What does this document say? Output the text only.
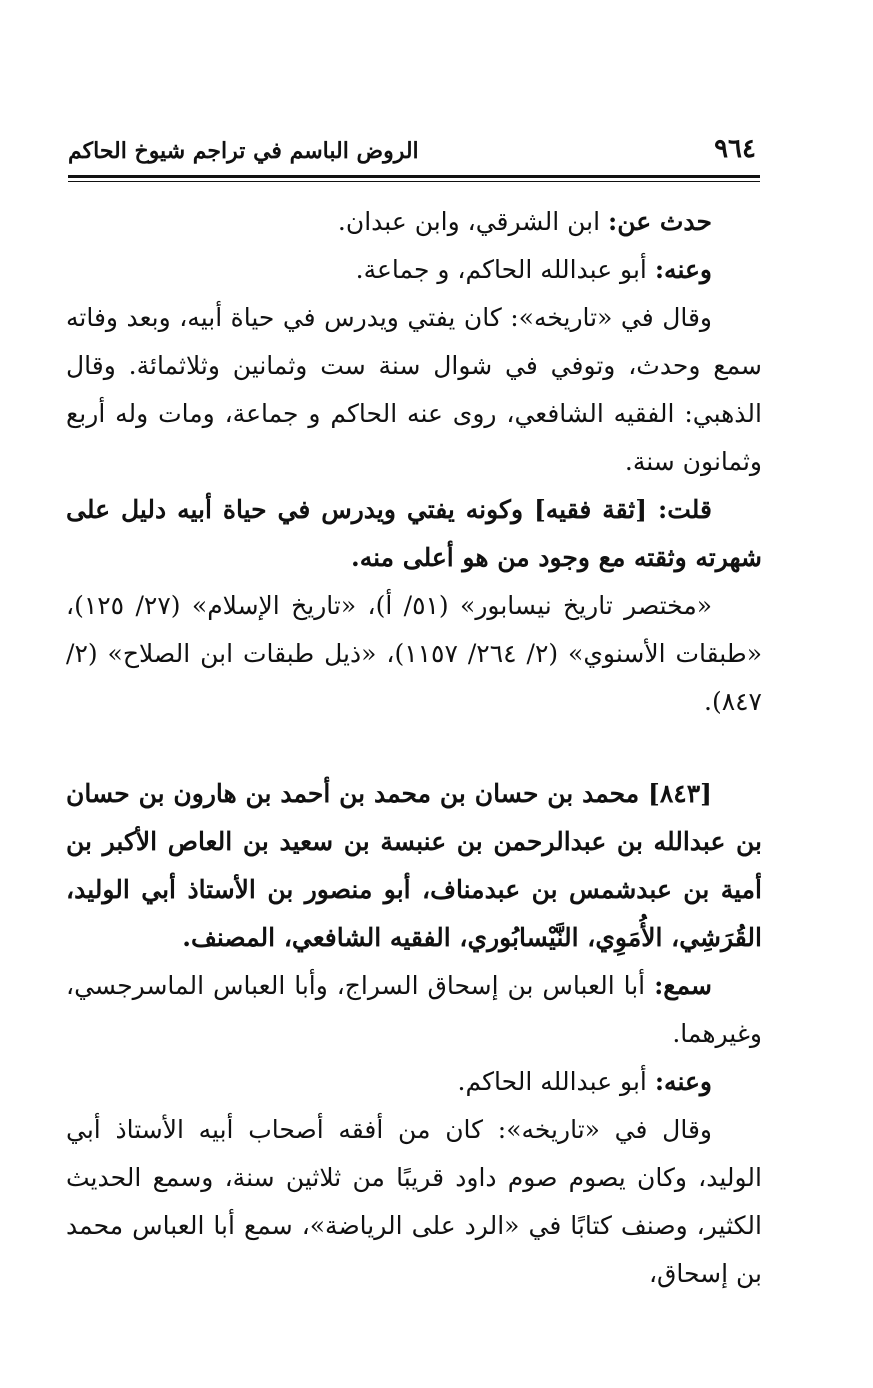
٩٦٤
الروض الباسم في تراجم شيوخ الحاكم

حدث عن: ابن الشرقي، وابن عبدان.

وعنه: أبو عبدالله الحاكم، و جماعة.

وقال في «تاريخه»: كان يفتي ويدرس في حياة أبيه، وبعد وفاته سمع وحدث، وتوفي في شوال سنة ست وثمانين وثلاثمائة. وقال الذهبي: الفقيه الشافعي، روى عنه الحاكم و جماعة، ومات وله أربع وثمانون سنة.

قلت: [ثقة فقيه] وكونه يفتي ويدرس في حياة أبيه دليل على شهرته وثقته مع وجود من هو أعلى منه.

«مختصر تاريخ نيسابور» (٥١/ أ)، «تاريخ الإسلام» (٢٧/ ١٢٥)، «طبقات الأسنوي» (٢/ ٢٦٤/ ١١٥٧)، «ذيل طبقات ابن الصلاح» (٢/ ٨٤٧).

[٨٤٣] محمد بن حسان بن محمد بن أحمد بن هارون بن حسان بن عبدالله بن عبدالرحمن بن عنبسة بن سعيد بن العاص الأكبر بن أمية بن عبدشمس بن عبدمناف، أبو منصور بن الأستاذ أبي الوليد، القُرَشِي، الأُمَوِي، النَّيْسابُوري، الفقيه الشافعي، المصنف.

سمع: أبا العباس بن إسحاق السراج، وأبا العباس الماسرجسي، وغيرهما.

وعنه: أبو عبدالله الحاكم.

وقال في «تاريخه»: كان من أفقه أصحاب أبيه الأستاذ أبي الوليد، وكان يصوم صوم داود قريبًا من ثلاثين سنة، وسمع الحديث الكثير، وصنف كتابًا في «الرد على الرياضة»، سمع أبا العباس محمد بن إسحاق،
